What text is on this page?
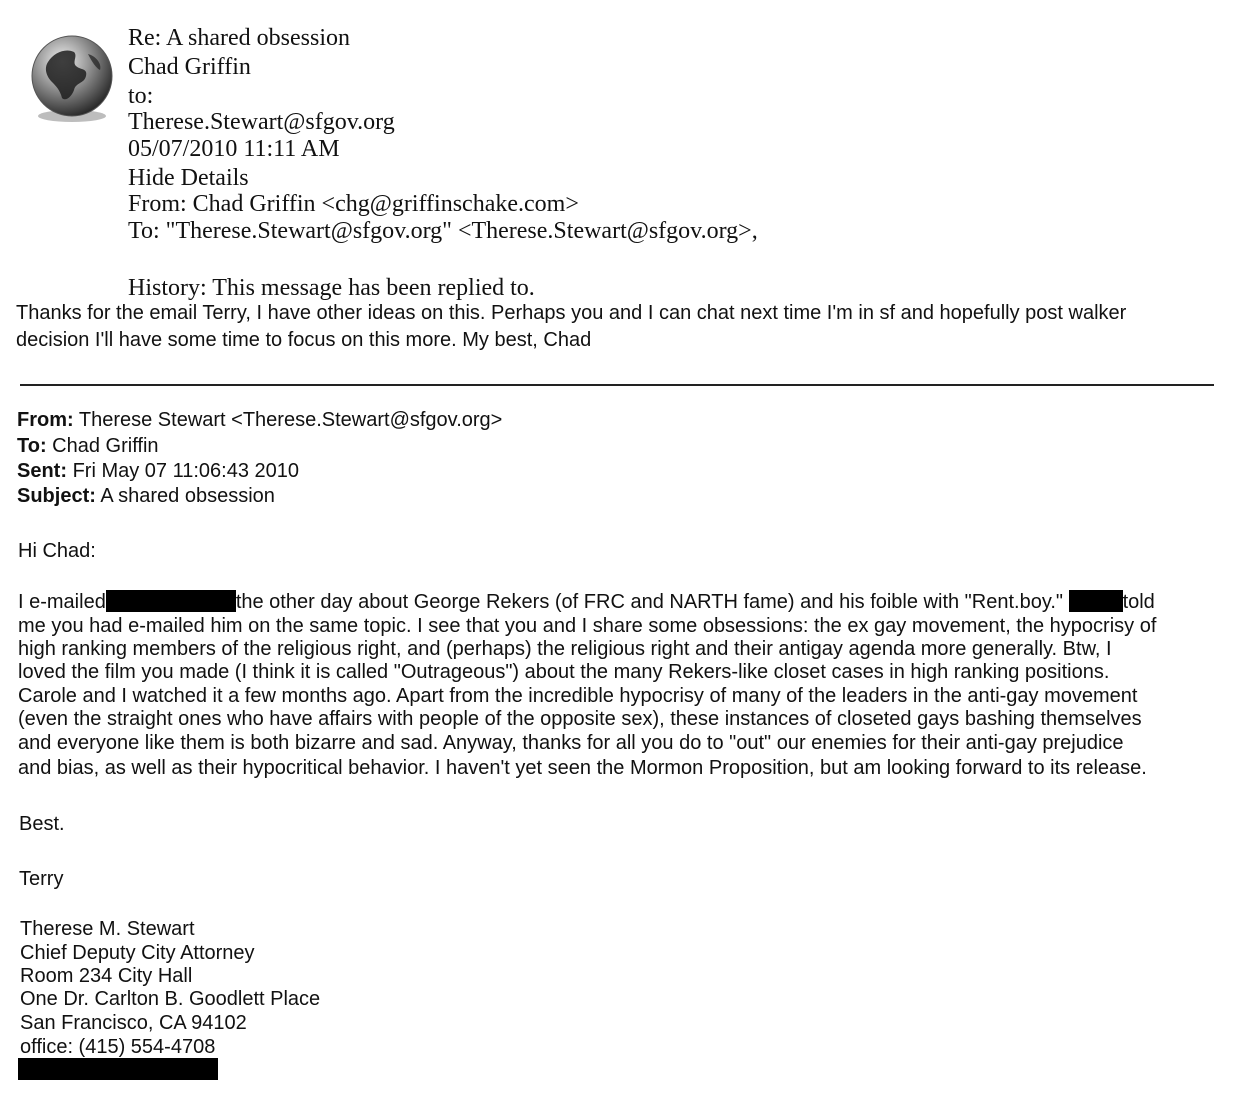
Re: A shared obsession
Chad Griffin
to:
Therese.Stewart@sfgov.org
05/07/2010 11:11 AM
Hide Details
From: Chad Griffin <chg@griffinschake.com>
To: "Therese.Stewart@sfgov.org" <Therese.Stewart@sfgov.org>,
History: This message has been replied to.
Thanks for the email Terry, I have other ideas on this. Perhaps you and I can chat next time I'm in sf and hopefully post walker
decision I'll have some time to focus on this more. My best, Chad
From: Therese Stewart <Therese.Stewart@sfgov.org>
To: Chad Griffin
Sent: Fri May 07 11:06:43 2010
Subject: A shared obsession
Hi Chad:
I e-mailed	the other day about George Rekers (of FRC and NARTH fame) and his foible with "Rent.boy."	told
me you had e-mailed him on the same topic. I see that you and I share some obsessions: the ex gay movement, the hypocrisy of
high ranking members of the religious right, and (perhaps) the religious right and their antigay agenda more generally. Btw, I
loved the film you made (I think it is called "Outrageous") about the many Rekers-like closet cases in high ranking positions.
Carole and I watched it a few months ago. Apart from the incredible hypocrisy of many of the leaders in the anti-gay movement
(even the straight ones who have affairs with people of the opposite sex), these instances of closeted gays bashing themselves
and everyone like them is both bizarre and sad. Anyway, thanks for all you do to "out" our enemies for their anti-gay prejudice
and bias, as well as their hypocritical behavior. I haven't yet seen the Mormon Proposition, but am looking forward to its release.
Best.
Terry
Therese M. Stewart
Chief Deputy City Attorney
Room 234 City Hall
One Dr. Carlton B. Goodlett Place
San Francisco, CA 94102
office: (415) 554-4708
